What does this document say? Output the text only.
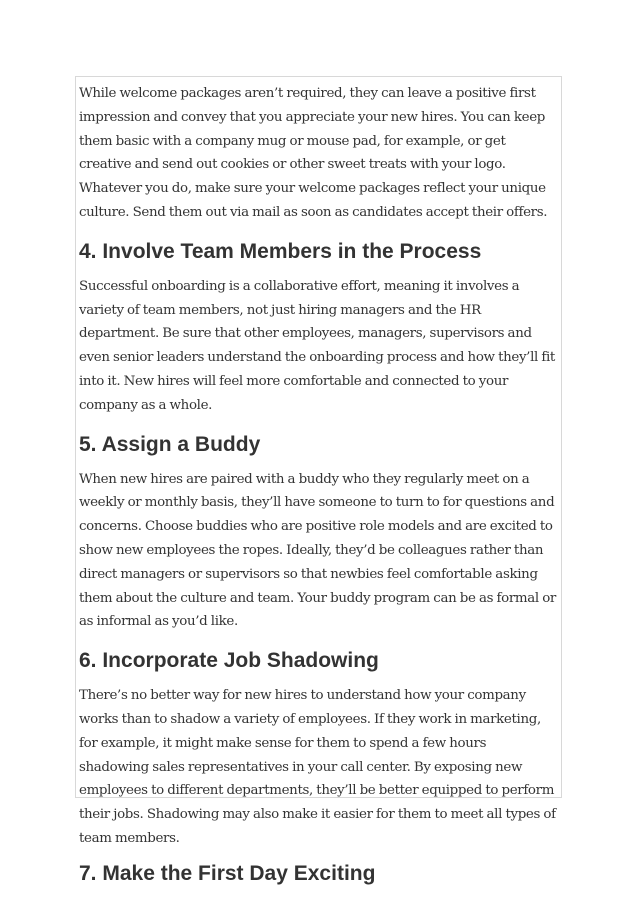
While welcome packages aren’t required, they can leave a positive first impression and convey that you appreciate your new hires. You can keep them basic with a company mug or mouse pad, for example, or get creative and send out cookies or other sweet treats with your logo. Whatever you do, make sure your welcome packages reflect your unique culture. Send them out via mail as soon as candidates accept their offers.

4. Involve Team Members in the Process

Successful onboarding is a collaborative effort, meaning it involves a variety of team members, not just hiring managers and the HR department. Be sure that other employees, managers, supervisors and even senior leaders understand the onboarding process and how they’ll fit into it. New hires will feel more comfortable and connected to your company as a whole.

5. Assign a Buddy

When new hires are paired with a buddy who they regularly meet on a weekly or monthly basis, they’ll have someone to turn to for questions and concerns. Choose buddies who are positive role models and are excited to show new employees the ropes. Ideally, they’d be colleagues rather than direct managers or supervisors so that newbies feel comfortable asking them about the culture and team. Your buddy program can be as formal or as informal as you’d like.

6. Incorporate Job Shadowing

There’s no better way for new hires to understand how your company works than to shadow a variety of employees. If they work in marketing, for example, it might make sense for them to spend a few hours shadowing sales representatives in your call center. By exposing new employees to different departments, they’ll be better equipped to perform their jobs. Shadowing may also make it easier for them to meet all types of team members.

7. Make the First Day Exciting
